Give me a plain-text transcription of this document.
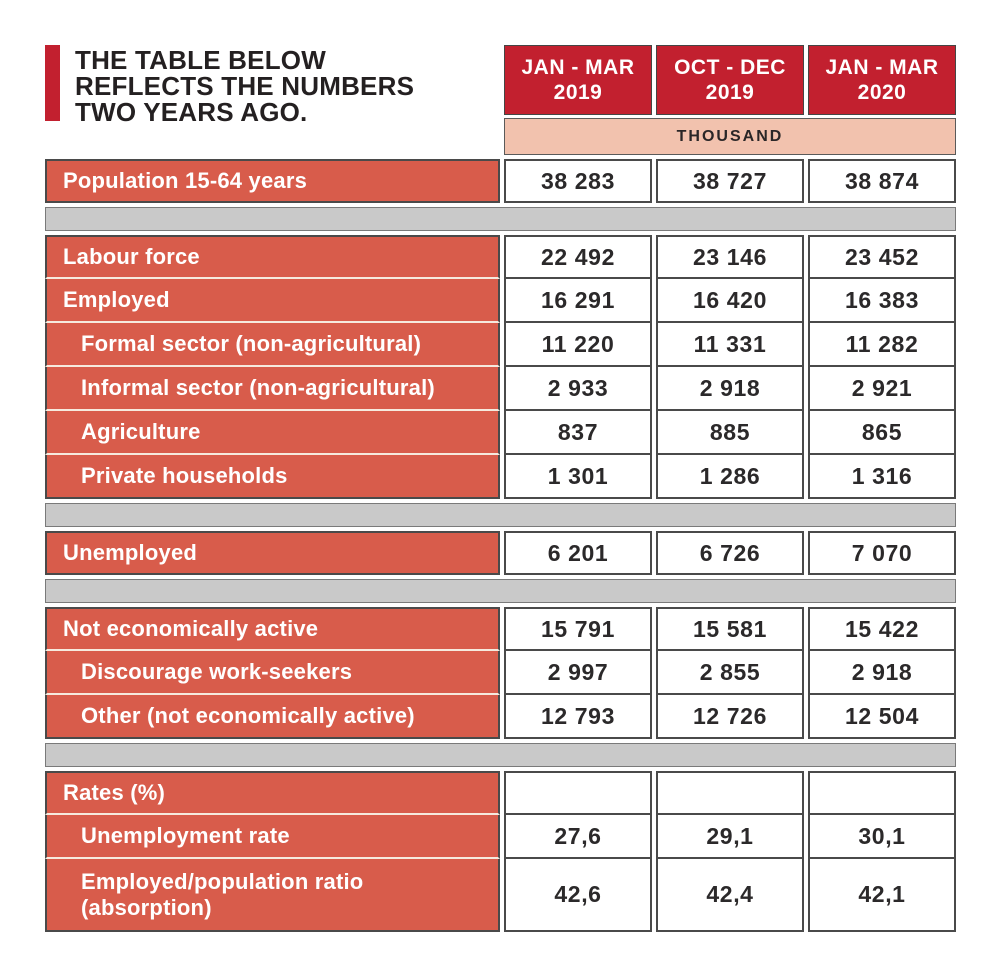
THE TABLE BELOW
REFLECTS THE NUMBERS
TWO YEARS AGO.
JAN - MAR
2019
OCT - DEC
2019
JAN - MAR
2020
THOUSAND
Population 15-64 years	38 283	38 727	38 874
Labour force	22 492	23 146	23 452
Employed	16 291	16 420	16 383
Formal sector (non-agricultural)	11 220	11 331	11 282
Informal sector (non-agricultural)	2 933	2 918	2 921
Agriculture	837	885	865
Private households	1 301	1 286	1 316
Unemployed	6 201	6 726	7 070
Not economically active	15 791	15 581	15 422
Discourage work-seekers	2 997	2 855	2 918
Other (not economically active)	12 793	12 726	12 504
Rates (%)
Unemployment rate	27,6	29,1	30,1
Employed/population ratio (absorption)	42,6	42,4	42,1
